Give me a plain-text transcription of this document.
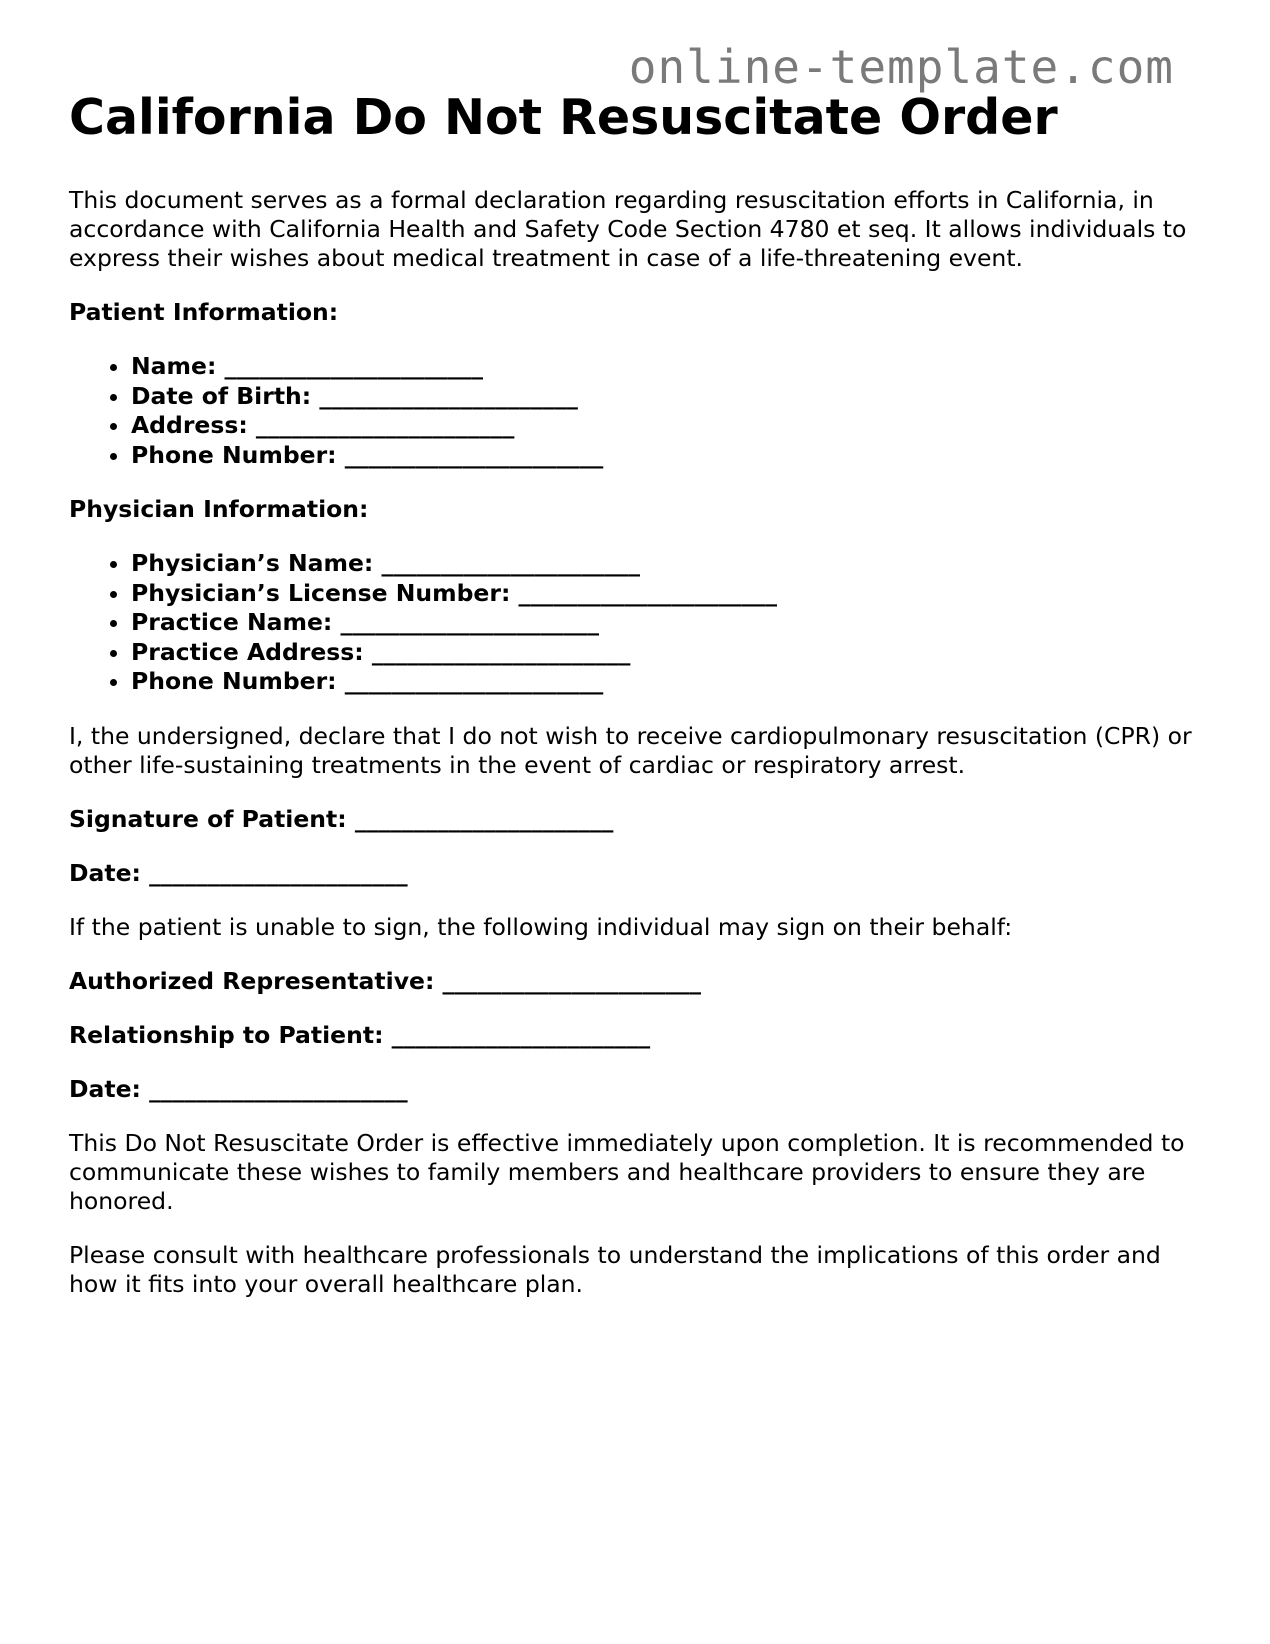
online-template.com
California Do Not Resuscitate Order

This document serves as a formal declaration regarding resuscitation efforts in California, in accordance with California Health and Safety Code Section 4780 et seq. It allows individuals to express their wishes about medical treatment in case of a life-threatening event.

Patient Information:

• Name: ______________________
• Date of Birth: ______________________
• Address: ______________________
• Phone Number: ______________________

Physician Information:

• Physician’s Name: ______________________
• Physician’s License Number: ______________________
• Practice Name: ______________________
• Practice Address: ______________________
• Phone Number: ______________________

I, the undersigned, declare that I do not wish to receive cardiopulmonary resuscitation (CPR) or other life-sustaining treatments in the event of cardiac or respiratory arrest.

Signature of Patient: ______________________

Date: ______________________

If the patient is unable to sign, the following individual may sign on their behalf:

Authorized Representative: ______________________

Relationship to Patient: ______________________

Date: ______________________

This Do Not Resuscitate Order is effective immediately upon completion. It is recommended to communicate these wishes to family members and healthcare providers to ensure they are honored.

Please consult with healthcare professionals to understand the implications of this order and how it fits into your overall healthcare plan.
